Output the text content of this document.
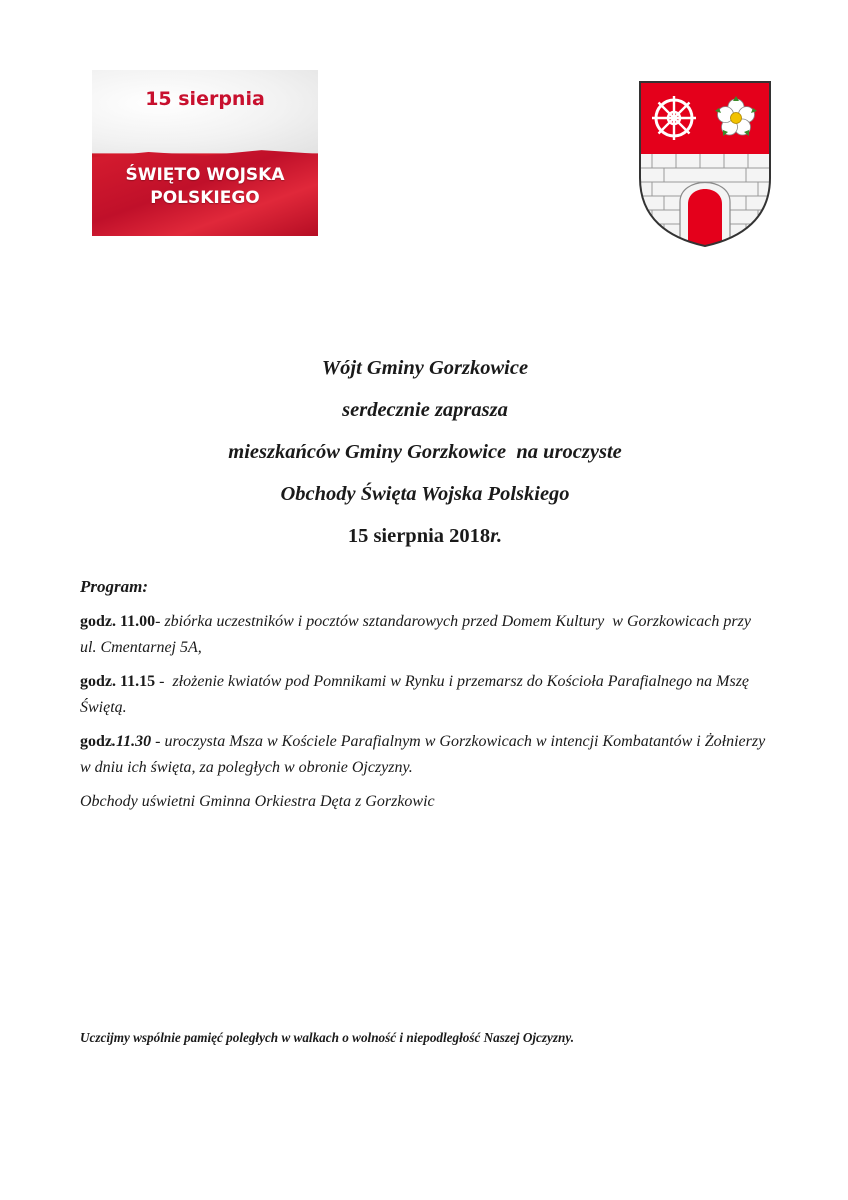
15 sierpnia
ŚWIĘTO WOJSKA
POLSKIEGO
Wójt Gminy Gorzkowice
serdecznie zaprasza
mieszkańców Gminy Gorzkowice  na uroczyste
Obchody Święta Wojska Polskiego
15 sierpnia 2018r.
Program:
godz. 11.00- zbiórka uczestników i pocztów sztandarowych przed Domem Kultury  w Gorzkowicach przy ul. Cmentarnej 5A,
godz. 11.15 -  złożenie kwiatów pod Pomnikami w Rynku i przemarsz do Kościoła Parafialnego na Mszę Świętą.
godz.11.30 - uroczysta Msza w Kościele Parafialnym w Gorzkowicach w intencji Kombatantów i Żołnierzy w dniu ich święta, za poległych w obronie Ojczyzny.
Obchody uświetni Gminna Orkiestra Dęta z Gorzkowic
Uczcijmy wspólnie pamięć poległych w walkach o wolność i niepodległość Naszej Ojczyzny.
